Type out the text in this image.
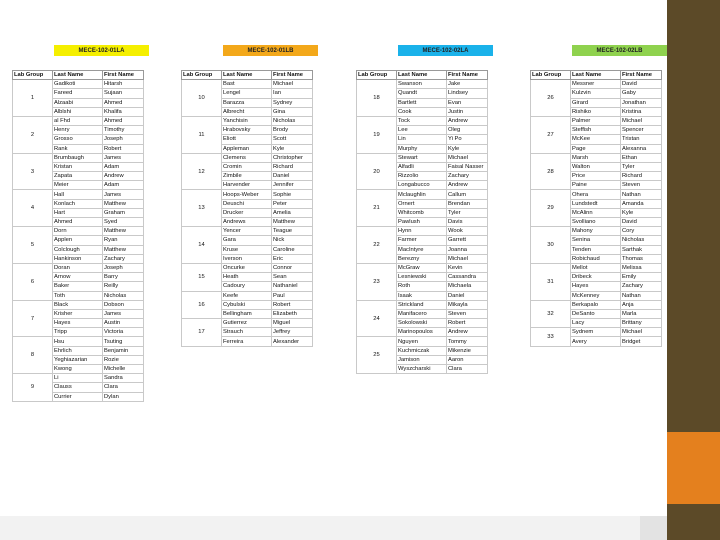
MECE-102-01LA
Lab Group	Last Name	First Name
1	Gadikoti	Hitarsh
	Fareed	Sujaan
	Alzaabi	Ahmed
	Alblshi	Khalifa
2	al Fhd	Ahmed
	Henry	Timothy
	Grosso	Joseph
	Rank	Robert
3	Brumbaugh	James
	Kristan	Adam
	Zapata	Andrew
	Meier	Adam
4	Hall	James
	Konlach	Matthew
	Hart	Graham
	Ahmed	Syed
5	Dorn	Matthew
	Applen	Ryan
	Colclough	Matthew
	Hankinson	Zachary
6	Doran	Joseph
	Arnow	Barry
	Baker	Reilly
	Toth	Nicholas
7	Black	Dobson
	Krisher	James
	Hayes	Austin
	Tripp	Victoria
8	Hsu	Tsuting
	Ehrlich	Benjamin
	Yeghiazarian	Rozie
	Kwong	Michelle
9	Li	Sandra
	Clauss	Clara
	Currier	Dylan
MECE-102-01LB
Lab Group	Last Name	First Name
10	Bast	Michael
	Lengel	Ian
	Barazza	Sydney
	Albrecht	Gina
11	Yanchisin	Nicholas
	Hrabovsky	Brody
	Eliott	Scott
	Appleman	Kyle
12	Clemens	Christopher
	Cromin	Richard
	Zimbile	Daniel
	Harvender	Jennifer
13	Hoops-Weber	Sophie
	Deuschi	Peter
	Drucker	Amelia
	Andrews	Matthew
14	Yencer	Teague
	Gara	Nick
	Kruse	Caroline
	Iverson	Eric
15	Oncurke	Connor
	Heath	Sean
	Cadoury	Nathaniel
16	Keefe	Paul
	Cybulski	Robert
	Bellingham	Elizabeth
17	Gutierrez	Miguel
	Strauch	Jeffrey
	Ferreira	Alexander
MECE-102-02LA
Lab Group	Last Name	First Name
18	Swanson	Jake
	Quandt	Lindsey
	Bartlett	Evan
	Cook	Justin
19	Tock	Andrew
	Lee	Oleg
	Lin	Yi Po
	Murphy	Kyle
20	Stewart	Michael
	Alfadli	Faisal Nasser
	Rizzolio	Zachary
	Longabucco	Andrew
21	Mclaughlin	Callum
	Ornert	Brendan
	Whitcomb	Tyler
	Pawlush	Davis
22	Hynn	Wook
	Farmer	Garrett
	MacIntyre	Joanna
	Berezny	Michael
23	McGraw	Kevin
	Lesniewski	Cassandra
	Roth	Michaela
	Isaak	Daniel
24	Strickland	Mikayla
	Manifacero	Steven
	Sokolowski	Robert
	Marinopoulos	Andrew
25	Nguyen	Tommy
	Kuchmiczak	Mikenzie
	Jamison	Aaron
	Wyszcharski	Clara
MECE-102-02LB
Lab Group	Last Name	First Name
26	Messner	David
	Kulzvin	Gaby
	Girard	Jonathan
	Rishiko	Kristina
27	Palmer	Michael
	Steffish	Spencer
	McKee	Tristan
	Page	Alexanna
28	Marsh	Ethan
	Walton	Tyler
	Price	Richard
	Paine	Steven
29	Ohera	Nathan
	Lundstedt	Amanda
	McAlinn	Kyle
	Svolliano	David
30	Mahony	Cory
	Senina	Nicholas
	Tenden	Sarthak
	Robichaud	Thomas
31	Mellot	Melissa
	Dribeck	Emily
	Hayes	Zachary
	McKenney	Nathan
32	Berkapalo	Anja
	DeSanto	Marla
	Lacy	Brittany
33	Sydnem	Michael
	Avery	Bridget
